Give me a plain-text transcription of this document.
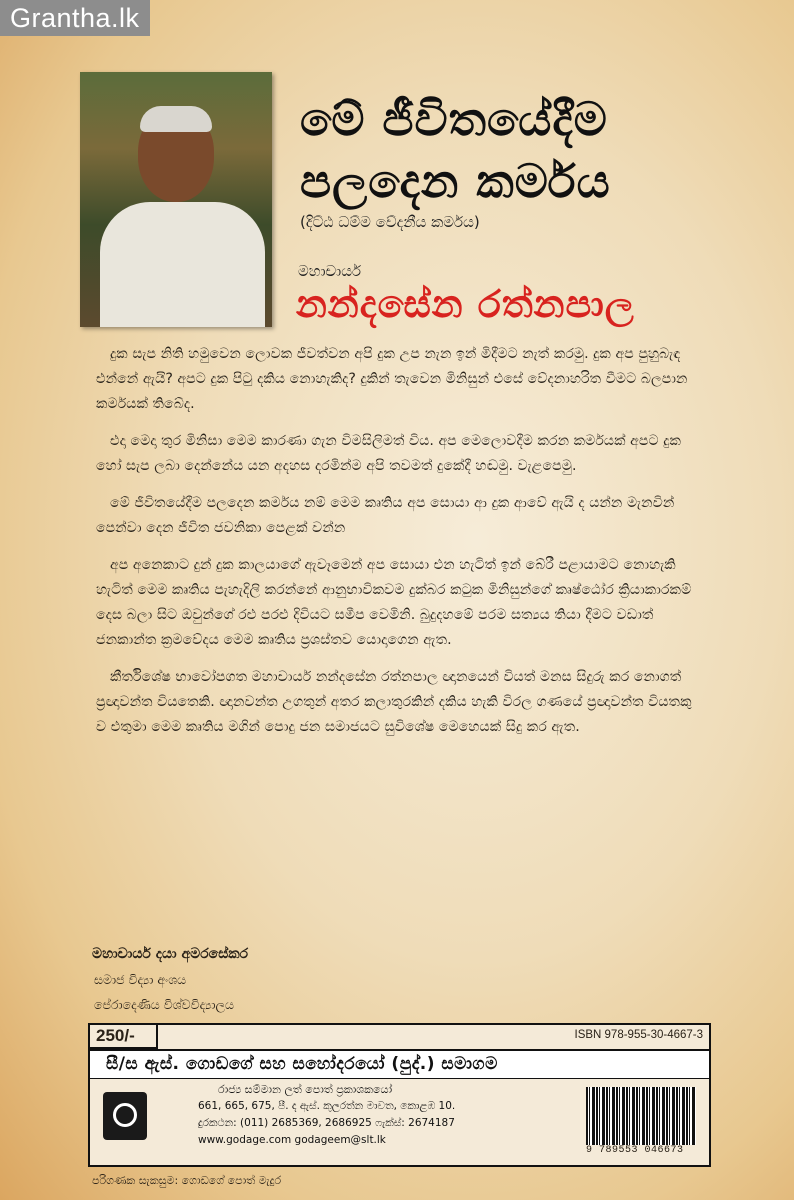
Grantha.lk
මේ ජීවිතයේදීම
පලදෙන කර්මය
(දිට්ඨ ධම්ම වේදනීය කර්මය)
මහාචාර්ය
නන්දසේන රත්නපාල

දුක සැප නිති හමුවෙන ලොවක ජීවත්වන අපි දුක උප නැන ඉන් මිදීමට නැත් කරමු. දුක අප පුහුබැඳ එන්නේ ඇයි? අපට දුක පිටු දකිය නොහැකිද? දුකින් තැවෙන මිනිසුන් එසේ වේදනාහරිත වීමට බලපාන කර්මයක් තිබේද.

එදා මෙදා තුර මිනිසා මෙම කාරණා ගැන විමසිලිමත් විය. අප මෙලොවදීම කරන කර්මයක් අපට දුක හෝ සැප ලබා දෙන්නේය යන අදහස දරමින්ම අපි තවමත් දුකේදී හඬමු. වැළපෙමු.

මේ ජීවිතයේදීම පලදෙන කර්මය නම් මෙම කෘතිය අප සොයා ආ දුක ආවේ ඇයි ද යන්න මැනවින් පෙන්වා දෙන ජීවිත ජවනිකා පෙළක් වන්න

අප අනෙකාට දුන් දුක කාලයාගේ ඇවෑමෙන් අප සොයා එන හැටිත් ඉන් බේරී පළායාමට නොහැකි හැටිත් මෙම කෘතිය පැහැදිලි කරන්නේ ආනුභාවිකවම දුක්බර කටුක මිනිසුන්ගේ කෘෂ්ඨෝර ක්‍රියාකාරකම් දෙස බලා සිට ඔවුන්ගේ රළු පරළු දිවියට සමීප වෙමිනි. බුදුදහමේ පරම සත්‍යය තියා දීමට වඩාත් ජනකාන්ත ක්‍රමවේදය මෙම කෘතිය ප්‍රශස්තව යොදාගෙන ඇත.

කීර්තිශේෂ භාවෝපගත මහාචාර්ය නන්දසේන රත්නපාල ඥානයෙන් වියත් මනස සිදුරු කර නොගත් ප්‍රඥාවන්ත වියතෙකි. ඥානවන්ත උගතුන් අතර කලාතුරකින් දකිය හැකි විරල ගණයේ ප්‍රඥාවන්ත වියතකු ව එතුමා මෙම කෘතිය මගින් පොදු ජන සමාජයට සුවිශේෂ මෙහෙයක් සිදු කර ඇත.

මහාචාර්ය දයා අමරසේකර
සමාජ විද්‍යා අංශය
පේරාදෙණිය විශ්වවිද්‍යාලය
250/-	ISBN 978-955-30-4667-3
සී/ස ඇස්. ගොඩගේ සහ සහෝදරයෝ (පුද්.) සමාගම
රාජ්‍ය සම්මාන ලත් පොත් ප්‍රකාශකයෝ
661, 665, 675, පී. ද ඇස්. කුලරත්න මාවත, කොළඹ 10.
දුරකථන: (011) 2685369, 2686925 ෆැක්ස්: 2674187
www.godage.com godageem@slt.lk
9 789553 046673
පරිගණක සැකසුම: ගොඩගේ පොත් මැදුර
